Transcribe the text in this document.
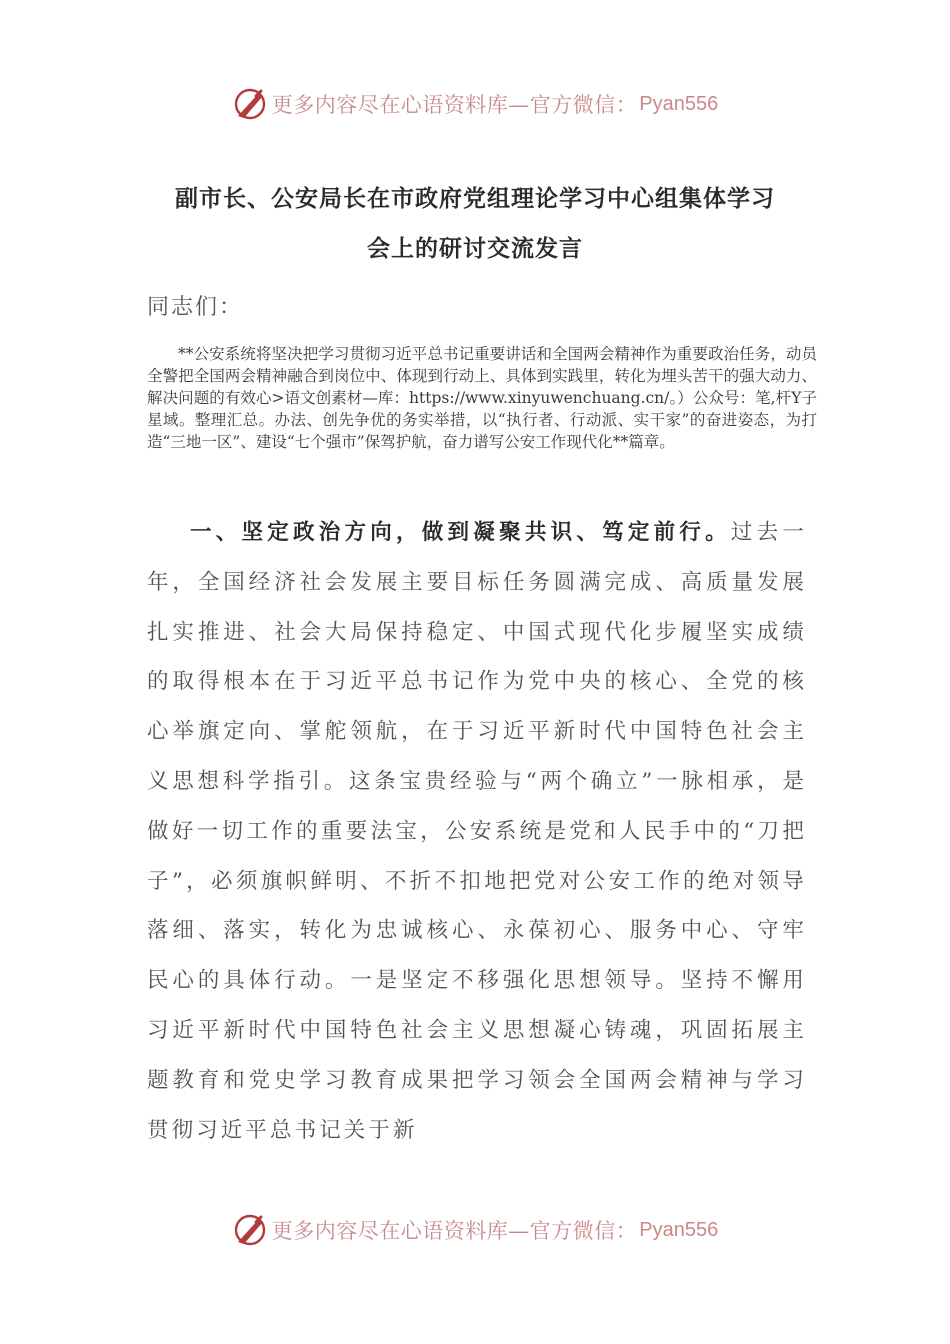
更多内容尽在心语资料库—官方微信： Pyan556
副市长、公安局长在市政府党组理论学习中心组集体学习
会上的研讨交流发言
同志们：
**公安系统将坚决把学习贯彻习近平总书记重要讲话和全国两会精神作为重要政治任务，动员全警把全国两会精神融合到岗位中、体现到行动上、具体到实践里，转化为埋头苦干的强大动力、解决问题的有效心>语文创素材—库：https://www.xinyuwenchuang.cn/。）公众号：笔,杆Y子星域。整理汇总。办法、创先争优的务实举措，以“执行者、行动派、实干家”的奋进姿态，为打造“三地一区”、建设“七个强市”保驾护航，奋力谱写公安工作现代化**篇章。
一、坚定政治方向，做到凝聚共识、笃定前行。过去一年，全国经济社会发展主要目标任务圆满完成、高质量发展扎实推进、社会大局保持稳定、中国式现代化步履坚实成绩的取得根本在于习近平总书记作为党中央的核心、全党的核心举旗定向、掌舵领航，在于习近平新时代中国特色社会主义思想科学指引。这条宝贵经验与“两个确立”一脉相承，是做好一切工作的重要法宝，公安系统是党和人民手中的“刀把子”，必须旗帜鲜明、不折不扣地把党对公安工作的绝对领导落细、落实，转化为忠诚核心、永葆初心、服务中心、守牢民心的具体行动。一是坚定不移强化思想领导。坚持不懈用习近平新时代中国特色社会主义思想凝心铸魂，巩固拓展主题教育和党史学习教育成果把学习领会全国两会精神与学习贯彻习近平总书记关于新
更多内容尽在心语资料库—官方微信： Pyan556
